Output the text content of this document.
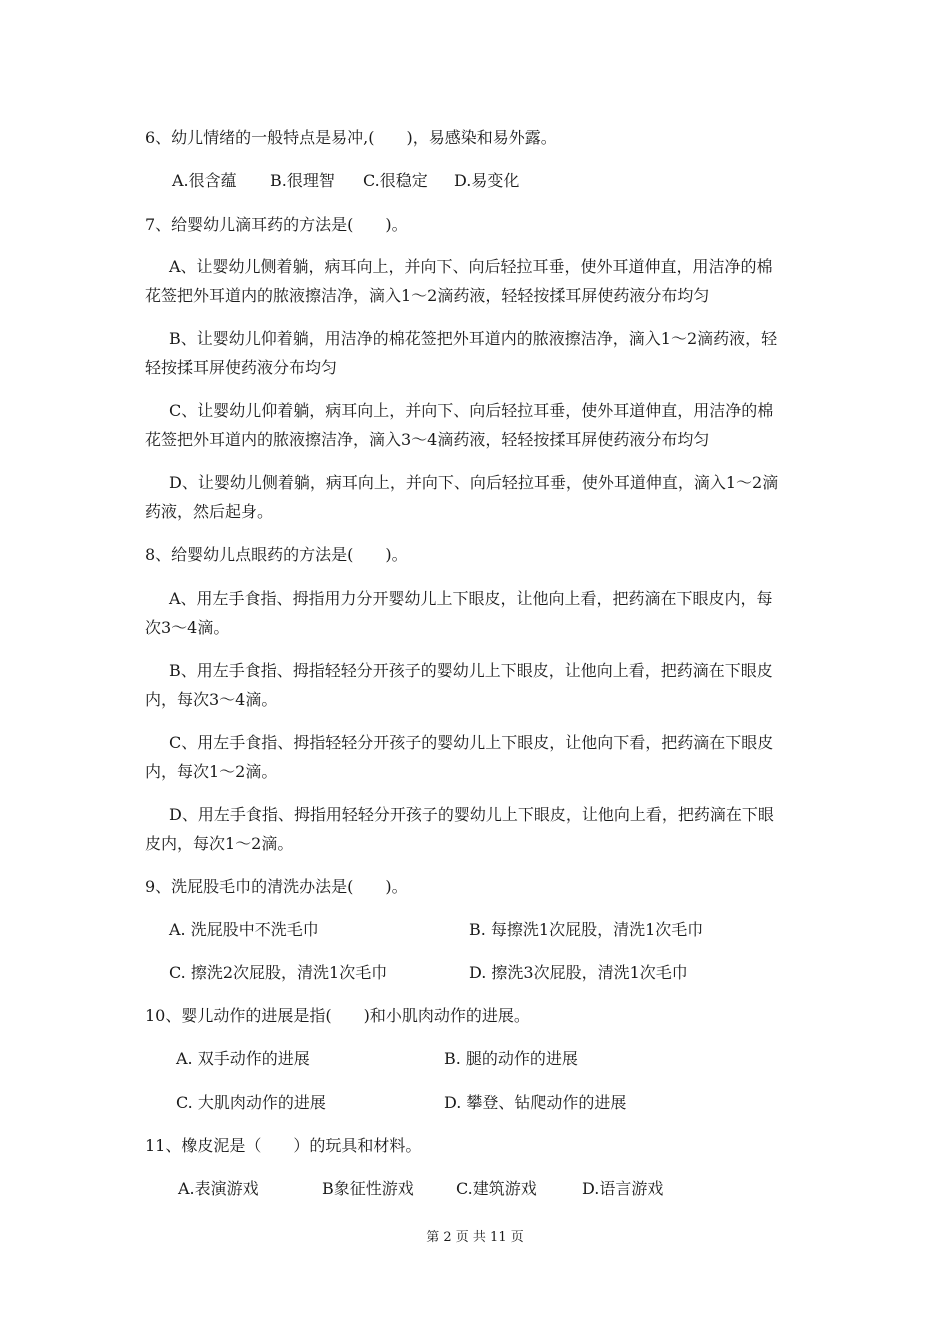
6、幼儿情绪的一般特点是易冲,(　　)，易感染和易外露。
A.很含蕴 B.很理智 C.很稳定 D.易变化
7、给婴幼儿滴耳药的方法是(　　)。
A、让婴幼儿侧着躺，病耳向上，并向下、向后轻拉耳垂，使外耳道伸直，用洁净的棉
花签把外耳道内的脓液擦洁净，滴入1～2滴药液，轻轻按揉耳屏使药液分布均匀
B、让婴幼儿仰着躺，用洁净的棉花签把外耳道内的脓液擦洁净，滴入1～2滴药液，轻
轻按揉耳屏使药液分布均匀
C、让婴幼儿仰着躺，病耳向上，并向下、向后轻拉耳垂，使外耳道伸直，用洁净的棉
花签把外耳道内的脓液擦洁净，滴入3～4滴药液，轻轻按揉耳屏使药液分布均匀
D、让婴幼儿侧着躺，病耳向上，并向下、向后轻拉耳垂，使外耳道伸直，滴入1～2滴
药液，然后起身。
8、给婴幼儿点眼药的方法是(　　)。
A、用左手食指、拇指用力分开婴幼儿上下眼皮，让他向上看，把药滴在下眼皮内，每
次3～4滴。
B、用左手食指、拇指轻轻分开孩子的婴幼儿上下眼皮，让他向上看，把药滴在下眼皮
内，每次3～4滴。
C、用左手食指、拇指轻轻分开孩子的婴幼儿上下眼皮，让他向下看，把药滴在下眼皮
内，每次1～2滴。
D、用左手食指、拇指用轻轻分开孩子的婴幼儿上下眼皮，让他向上看，把药滴在下眼
皮内，每次1～2滴。
9、洗屁股毛巾的清洗办法是(　　)。
A. 洗屁股中不洗毛巾	B. 每擦洗1次屁股，清洗1次毛巾
C. 擦洗2次屁股，清洗1次毛巾	D. 擦洗3次屁股，清洗1次毛巾
10、婴儿动作的进展是指(　　)和小肌肉动作的进展。
A. 双手动作的进展	B. 腿的动作的进展
C. 大肌肉动作的进展	D. 攀登、钻爬动作的进展
11、橡皮泥是（　　）的玩具和材料。
A.表演游戏	B象征性游戏	C.建筑游戏	D.语言游戏
第 2 页 共 11 页
